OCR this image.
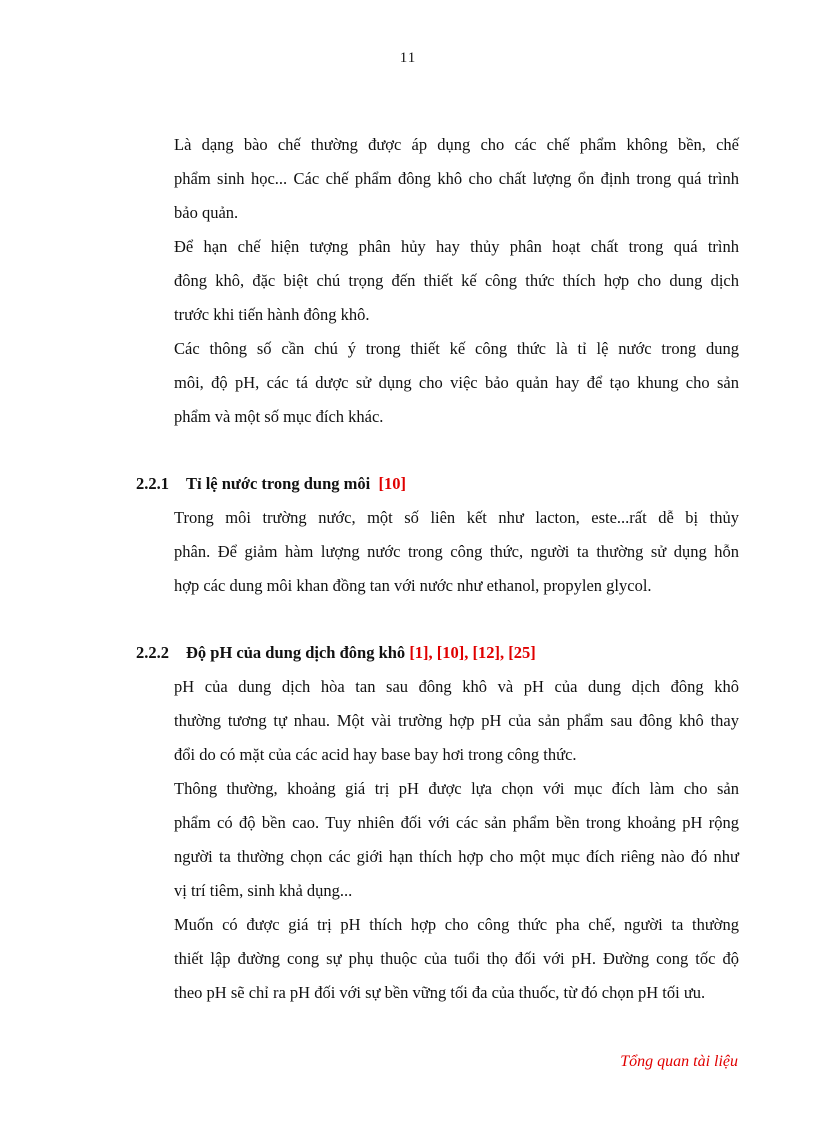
11

Là dạng bào chế thường được áp dụng cho các chế phẩm không bền, chế
phẩm sinh học... Các chế phẩm đông khô cho chất lượng ổn định trong quá trình
bảo quản.

Để hạn chế hiện tượng phân hủy hay thủy phân hoạt chất trong quá trình
đông khô, đặc biệt chú trọng đến thiết kế công thức thích hợp cho dung dịch
trước khi tiến hành đông khô.

Các thông số cần chú ý trong thiết kế công thức là tỉ lệ nước trong dung
môi, độ pH, các tá dược sử dụng cho việc bảo quản hay để tạo khung cho sản
phẩm và một số mục đích khác.

2.2.1 Tỉ lệ nước trong dung môi [10]

Trong môi trường nước, một số liên kết như lacton, este...rất dễ bị thủy
phân. Để giảm hàm lượng nước trong công thức, người ta thường sử dụng hỗn
hợp các dung môi khan đồng tan với nước như ethanol, propylen glycol.

2.2.2 Độ pH của dung dịch đông khô [1], [10], [12], [25]

pH của dung dịch hòa tan sau đông khô và pH của dung dịch đông khô
thường tương tự nhau. Một vài trường hợp pH của sản phẩm sau đông khô thay
đổi do có mặt của các acid hay base bay hơi trong công thức.

Thông thường, khoảng giá trị pH được lựa chọn với mục đích làm cho sản
phẩm có độ bền cao. Tuy nhiên đối với các sản phẩm bền trong khoảng pH rộng
người ta thường chọn các giới hạn thích hợp cho một mục đích riêng nào đó như
vị trí tiêm, sinh khả dụng...

Muốn có được giá trị pH thích hợp cho công thức pha chế, người ta thường
thiết lập đường cong sự phụ thuộc của tuổi thọ đối với pH. Đường cong tốc độ
theo pH sẽ chỉ ra pH đối với sự bền vững tối đa của thuốc, từ đó chọn pH tối ưu.

Tổng quan tài liệu
